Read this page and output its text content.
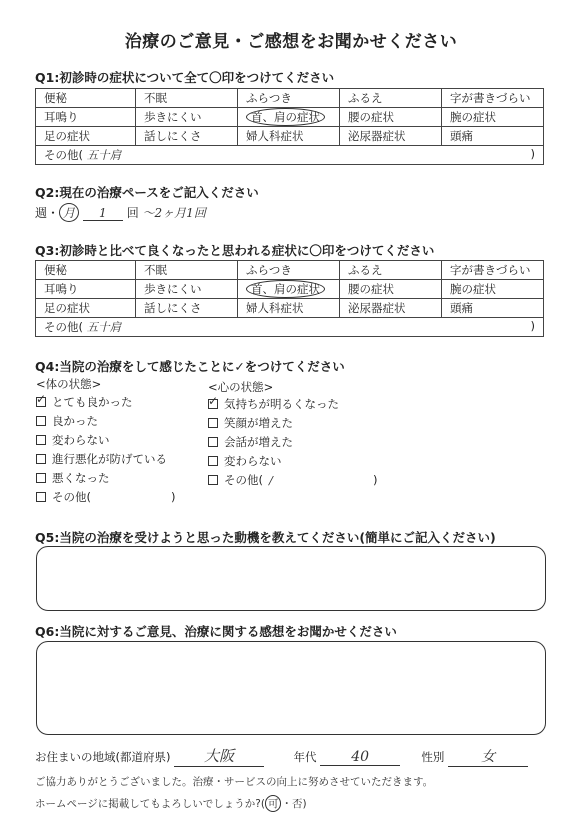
治療のご意見・ご感想をお聞かせください
Q1:初診時の症状について全て〇印をつけてください
便秘	不眠	ふらつき	ふるえ	字が書きづらい
耳鳴り	歩きにくい	首、肩の症状	腰の症状	腕の症状
足の症状	話しにくさ	婦人科症状	泌尿器症状	頭痛
その他( 五十肩 )				
Q2:現在の治療ペースをご記入ください
週・ 月 1 回 〜2ヶ月1回
Q3:初診時と比べて良くなったと思われる症状に〇印をつけてください
便秘	不眠	ふらつき	ふるえ	字が書きづらい
耳鳴り	歩きにくい	首、肩の症状	腰の症状	腕の症状
足の症状	話しにくさ	婦人科症状	泌尿器症状	頭痛
その他( 五十肩 )				
Q4:当院の治療をして感じたことに✓をつけてください
<体の状態>	<心の状態>
✓とても良かった
良かった
変わらない
進行悪化が防げている
悪くなった
その他(	)
✓気持ちが明るくなった
笑顔が増えた
会話が増えた
変わらない
その他( /	)
Q5:当院の治療を受けようと思った動機を教えてください(簡単にご記入ください)
Q6:当院に対するご意見、治療に関する感想をお聞かせください
お住まいの地域(都道府県) 大阪	年代 40	性別	女
ご協力ありがとうございました。治療・サービスの向上に努めさせていただきます。
ホームページに掲載してもよろしいでしょうか?( 可 ・否)
